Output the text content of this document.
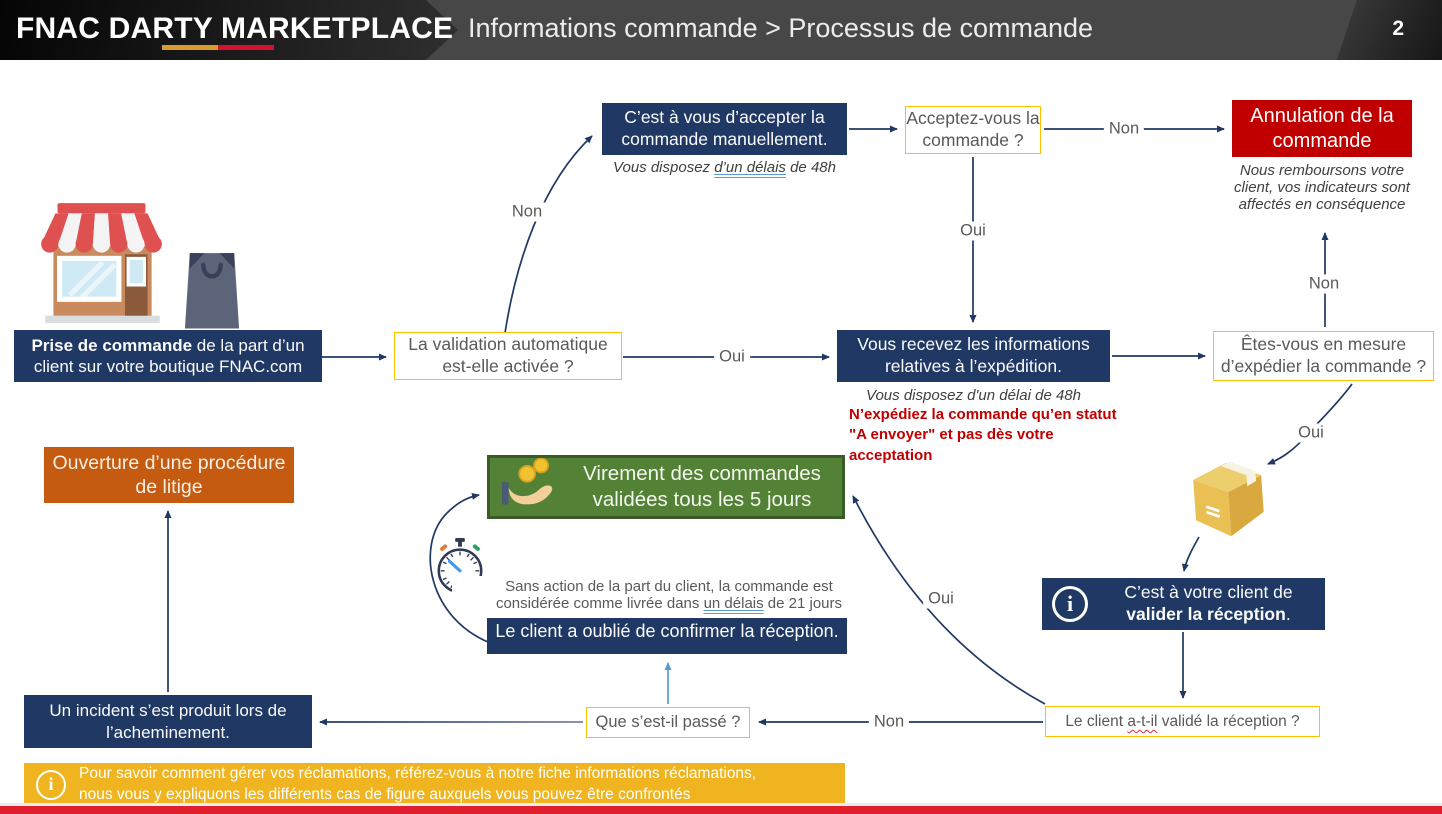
FNAC DARTY MARKETPLACE Informations commande > Processus de commande	2
Non
Non
Non
Non
Oui
Oui
Oui
Oui
C’est à vous d’accepter la commande manuellement.
Vous disposez d’un délais de 48h
Acceptez-vous la commande ?
Annulation de la commande
Nous remboursons votre client, vos indicateurs sont affectés en conséquence
Prise de commande de la part d’un client sur votre boutique FNAC.com
La validation automatique est-elle activée ?
Vous recevez les informations relatives à l’expédition.
Vous disposez d'un délai de 48h
N’expédiez la commande qu’en statut "A envoyer" et pas dès votre acceptation
Êtes-vous en mesure d’expédier la commande ?
Ouverture d’une procédure de litige
Virement des commandes validées tous les 5 jours
Sans action de la part du client, la commande est
considérée comme livrée dans un délais de 21 jours
Le client a oublié de confirmer la réception.
i	C’est à votre client de valider la réception.
Le client a-t-il validé la réception ?
Que s’est-il passé ?
Un incident s’est produit lors de l’acheminement.
i
Pour savoir comment gérer vos réclamations, référez-vous à notre fiche informations réclamations, nous vous y expliquons les différents cas de figure auxquels vous pouvez être confrontés
